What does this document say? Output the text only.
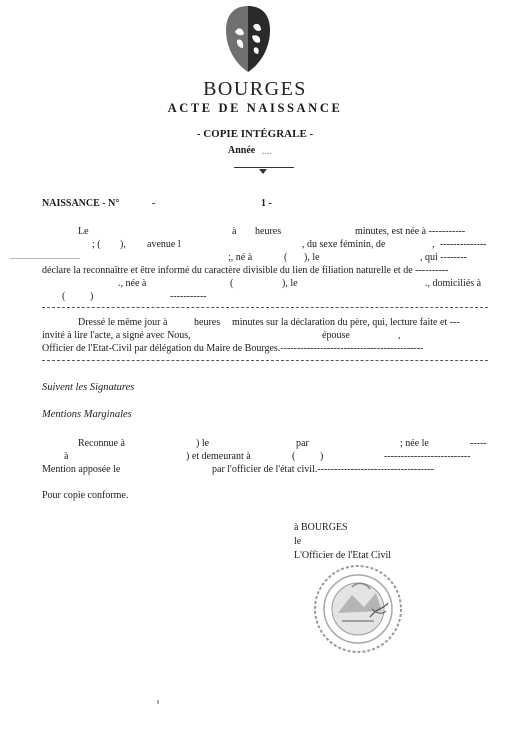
BOURGES
ACTE DE NAISSANCE
- COPIE INTÉGRALE -
Année ....
NAISSANCE - N°	-	1 -
Le	à heures	minutes, est née à -----------
; ( ), avenue l	, du sexe féminin, de	, --------------
;, né à	( ), le	, qui --------
déclare la reconnaître et être informé du caractère divisible du lien de filiation naturelle et de ----------
., née à	(	), le	., domiciliés à
( )	-----------
Dressé le même jour à	heures minutes sur la déclaration du père, qui, lecture faite et ---
invité à lire l'acte, a signé avec Nous,	épouse	,
Officier de l'Etat-Civil par délégation du Maire de Bourges.-------------------------------------------
Suivent les Signatures
Mentions Marginales
Reconnue à	) le	par	; née le	-----
à	) et demeurant à	( )	--------------------------
Mention apposée le	par l'officier de l'état civil.-----------------------------------
Pour copie conforme.
à BOURGES
le
L'Officier de l'Etat Civil
